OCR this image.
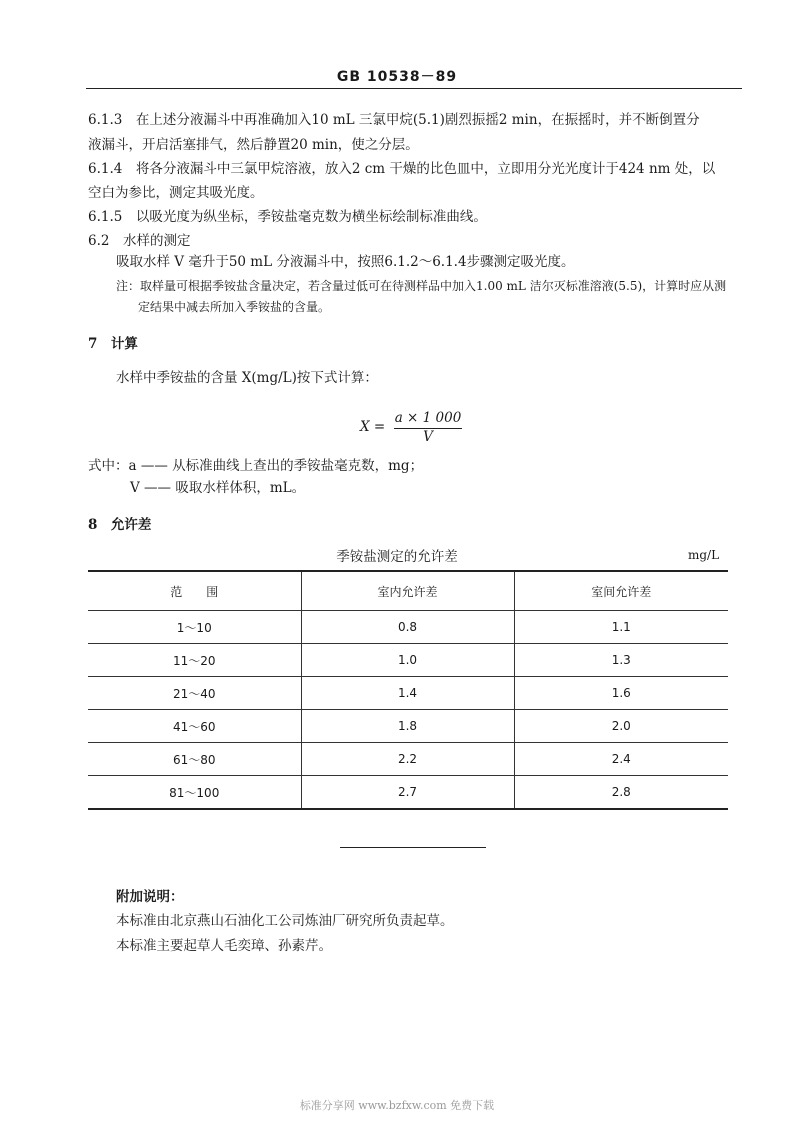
GB 10538－89
6.1.3　在上述分液漏斗中再准确加入10 mL 三氯甲烷(5.1)剧烈振摇2 min，在振摇时，并不断倒置分
液漏斗，开启活塞排气，然后静置20 min，使之分层。
6.1.4　将各分液漏斗中三氯甲烷溶液，放入2 cm 干燥的比色皿中，立即用分光光度计于424 nm 处，以
空白为参比，测定其吸光度。
6.1.5　以吸光度为纵坐标，季铵盐毫克数为横坐标绘制标准曲线。
6.2　水样的测定
吸取水样 V 毫升于50 mL 分液漏斗中，按照6.1.2～6.1.4步骤测定吸光度。
注：取样量可根据季铵盐含量决定，若含量过低可在待测样品中加入1.00 mL 洁尔灭标准溶液(5.5)，计算时应从测
定结果中减去所加入季铵盐的含量。
7　计算
水样中季铵盐的含量 X(mg/L)按下式计算：
X =
a × 1 000
V
式中：a —— 从标准曲线上查出的季铵盐毫克数，mg；
V —— 吸取水样体积，mL。
8　允许差
季铵盐测定的允许差	mg/L
范　　围	室内允许差	室间允许差
1～10	0.8	1.1
11～20	1.0	1.3
21～40	1.4	1.6
41～60	1.8	2.0
61～80	2.2	2.4
81～100	2.7	2.8
附加说明：
本标准由北京燕山石油化工公司炼油厂研究所负责起草。
本标准主要起草人毛奕璋、孙素芹。
标准分享网 www.bzfxw.com 免费下载
